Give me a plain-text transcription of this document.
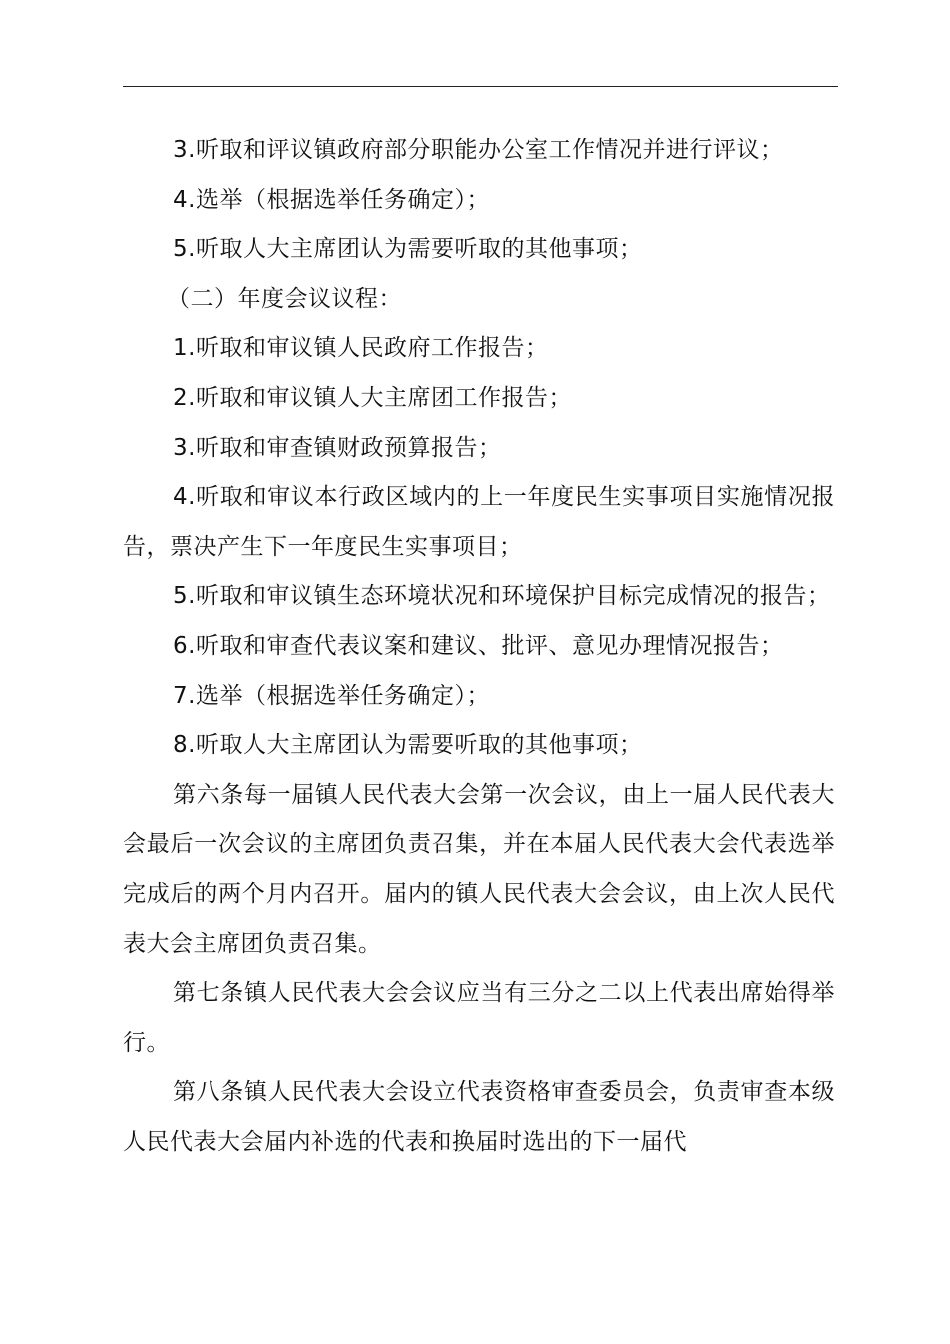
3.听取和评议镇政府部分职能办公室工作情况并进行评议；

4.选举（根据选举任务确定）；

5.听取人大主席团认为需要听取的其他事项；

（二）年度会议议程：

1.听取和审议镇人民政府工作报告；

2.听取和审议镇人大主席团工作报告；

3.听取和审查镇财政预算报告；

4.听取和审议本行政区域内的上一年度民生实事项目实施情况报告，票决产生下一年度民生实事项目；

5.听取和审议镇生态环境状况和环境保护目标完成情况的报告；

6.听取和审查代表议案和建议、批评、意见办理情况报告；

7.选举（根据选举任务确定）；

8.听取人大主席团认为需要听取的其他事项；

第六条每一届镇人民代表大会第一次会议，由上一届人民代表大会最后一次会议的主席团负责召集，并在本届人民代表大会代表选举完成后的两个月内召开。届内的镇人民代表大会会议，由上次人民代表大会主席团负责召集。

第七条镇人民代表大会会议应当有三分之二以上代表出席始得举行。

第八条镇人民代表大会设立代表资格审查委员会，负责审查本级人民代表大会届内补选的代表和换届时选出的下一届代
